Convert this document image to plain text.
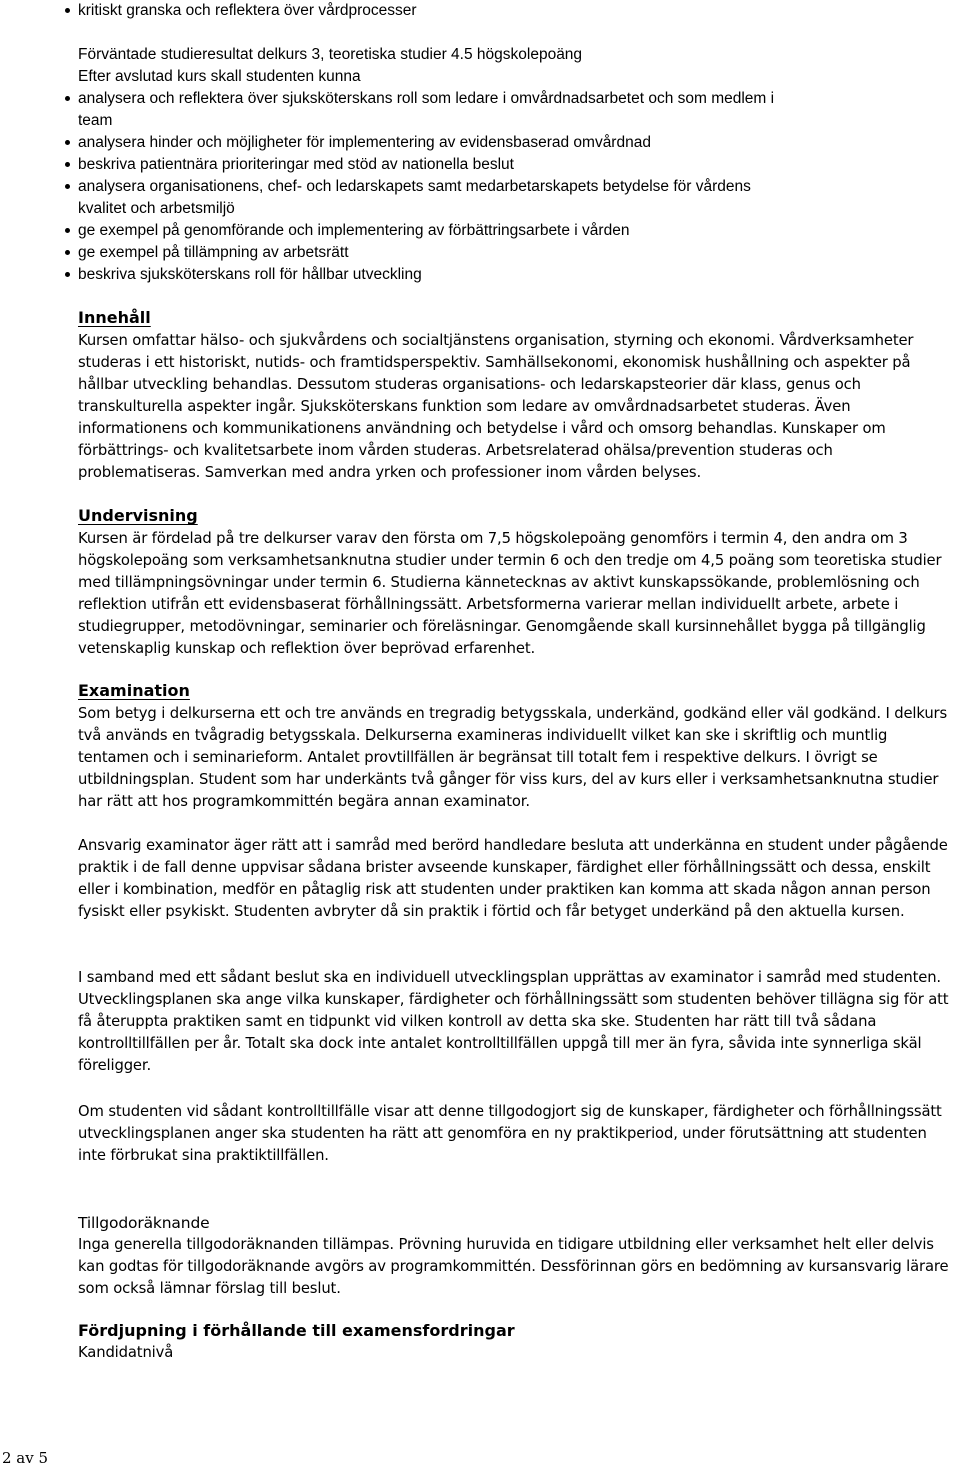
kritiskt granska och reflektera över vårdprocesser
Förväntade studieresultat delkurs 3, teoretiska studier 4.5 högskolepoäng
Efter avslutad kurs skall studenten kunna
analysera och reflektera över sjuksköterskans roll som ledare i omvårdnadsarbetet och som medlem i team
analysera hinder och möjligheter för implementering av evidensbaserad omvårdnad
beskriva patientnära prioriteringar med stöd av nationella beslut
analysera organisationens, chef- och ledarskapets samt medarbetarskapets betydelse för vårdens kvalitet och arbetsmiljö
ge exempel på genomförande och implementering av förbättringsarbete i vården
ge exempel på tillämpning av arbetsrätt
beskriva sjuksköterskans roll för hållbar utveckling
Innehåll

Kursen omfattar hälso- och sjukvårdens och socialtjänstens organisation, styrning och ekonomi. Vårdverksamheter studeras i ett historiskt, nutids- och framtidsperspektiv. Samhällsekonomi, ekonomisk hushållning och aspekter på hållbar utveckling behandlas. Dessutom studeras organisations- och ledarskapsteorier där klass, genus och transkulturella aspekter ingår. Sjuksköterskans funktion som ledare av omvårdnadsarbetet studeras. Även informationens och kommunikationens användning och betydelse i vård och omsorg behandlas. Kunskaper om förbättrings- och kvalitetsarbete inom vården studeras. Arbetsrelaterad ohälsa/prevention studeras och problematiseras. Samverkan med andra yrken och professioner inom vården belyses.

Undervisning

Kursen är fördelad på tre delkurser varav den första om 7,5 högskolepoäng genomförs i termin 4, den andra om 3 högskolepoäng som verksamhetsanknutna studier under termin 6 och den tredje om 4,5 poäng som teoretiska studier med tillämpningsövningar under termin 6. Studierna kännetecknas av aktivt kunskapssökande, problemlösning och reflektion utifrån ett evidensbaserat förhållningssätt. Arbetsformerna varierar mellan individuellt arbete, arbete i studiegrupper, metodövningar, seminarier och föreläsningar. Genomgående skall kursinnehållet bygga på tillgänglig vetenskaplig kunskap och reflektion över beprövad erfarenhet.

Examination

Som betyg i delkurserna ett och tre används en tregradig betygsskala, underkänd, godkänd eller väl godkänd. I delkurs två används en tvågradig betygsskala. Delkurserna examineras individuellt vilket kan ske i skriftlig och muntlig tentamen och i seminarieform. Antalet provtillfällen är begränsat till totalt fem i respektive delkurs. I övrigt se utbildningsplan. Student som har underkänts två gånger för viss kurs, del av kurs eller i verksamhetsanknutna studier har rätt att hos programkommittén begära annan examinator.

Ansvarig examinator äger rätt att i samråd med berörd handledare besluta att underkänna en student under pågående praktik i de fall denne uppvisar sådana brister avseende kunskaper, färdighet eller förhållningssätt och dessa, enskilt eller i kombination, medför en påtaglig risk att studenten under praktiken kan komma att skada någon annan person fysiskt eller psykiskt. Studenten avbryter då sin praktik i förtid och får betyget underkänd på den aktuella kursen.

I samband med ett sådant beslut ska en individuell utvecklingsplan upprättas av examinator i samråd med studenten. Utvecklingsplanen ska ange vilka kunskaper, färdigheter och förhållningssätt som studenten behöver tillägna sig för att få återuppta praktiken samt en tidpunkt vid vilken kontroll av detta ska ske. Studenten har rätt till två sådana kontrolltillfällen per år. Totalt ska dock inte antalet kontrolltillfällen uppgå till mer än fyra, såvida inte synnerliga skäl föreligger.

Om studenten vid sådant kontrolltillfälle visar att denne tillgodogjort sig de kunskaper, färdigheter och förhållningssätt utvecklingsplanen anger ska studenten ha rätt att genomföra en ny praktikperiod, under förutsättning att studenten inte förbrukat sina praktiktillfällen.

Tillgodoräknande

Inga generella tillgodoräknanden tillämpas. Prövning huruvida en tidigare utbildning eller verksamhet helt eller delvis kan godtas för tillgodoräknande avgörs av programkommittén. Dessförinnan görs en bedömning av kursansvarig lärare som också lämnar förslag till beslut.

Fördjupning i förhållande till examensfordringar
Kandidatnivå
2 av 5
